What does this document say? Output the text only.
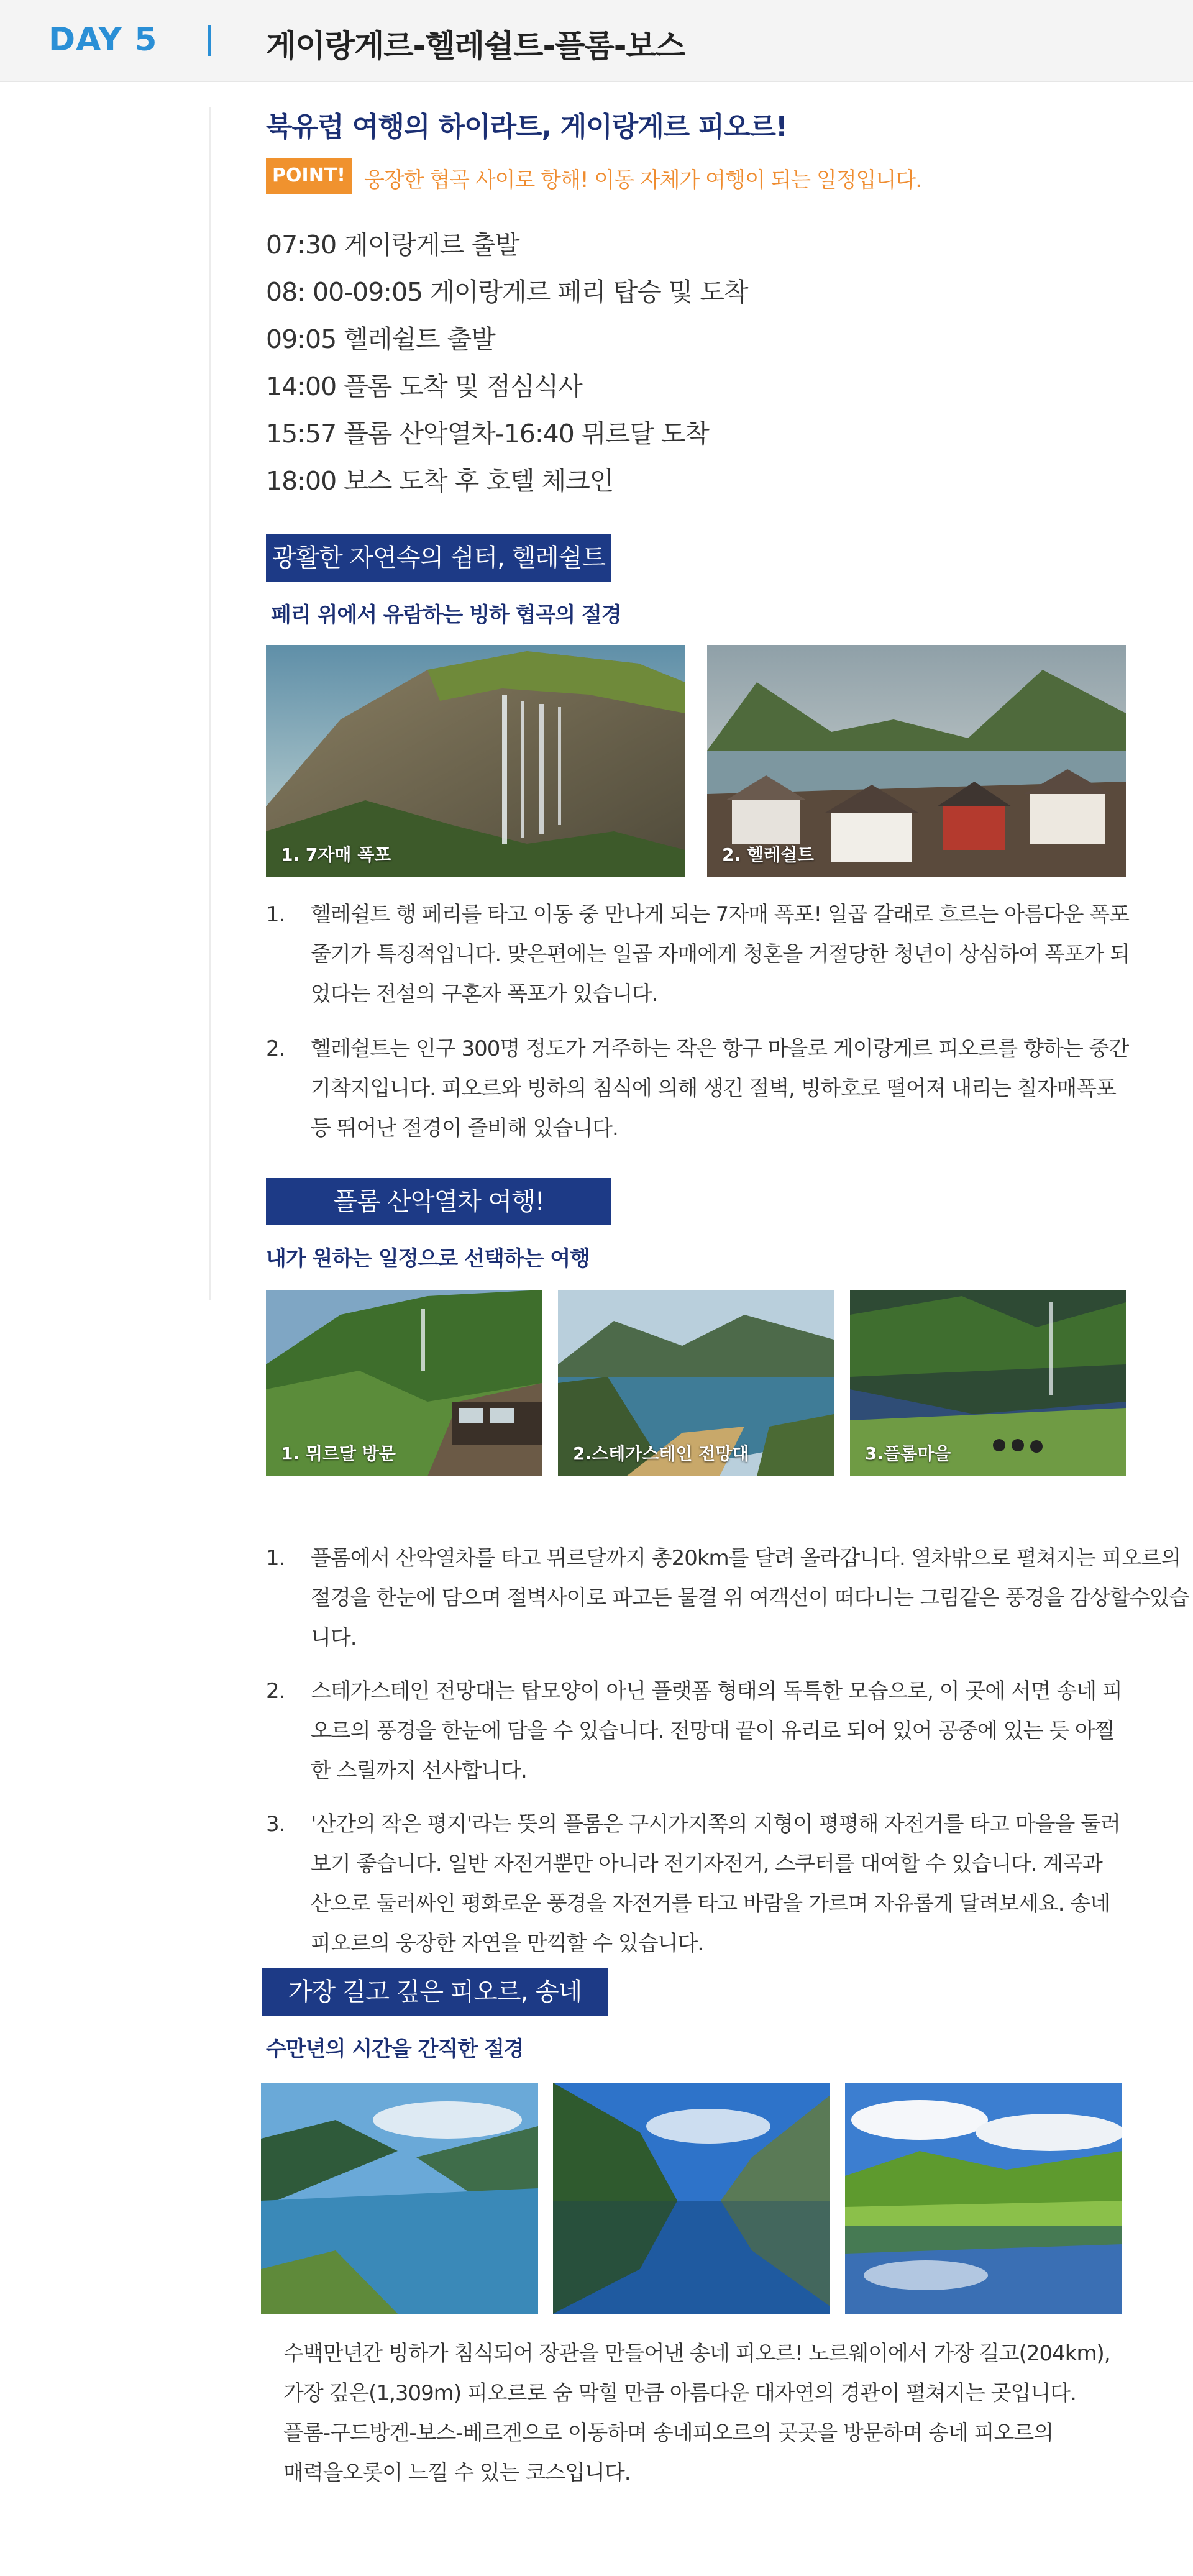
DAY 5	게이랑게르-헬레쉴트-플롬-보스
북유럽 여행의 하이라트, 게이랑게르 피오르!
POINT! 웅장한 협곡 사이로 항해! 이동 자체가 여행이 되는 일정입니다.
07:30 게이랑게르 출발
08: 00-09:05 게이랑게르 페리 탑승 및 도착
09:05 헬레쉴트 출발
14:00 플롬 도착 및 점심식사
15:57 플롬 산악열차-16:40 뮈르달 도착
18:00 보스 도착 후 호텔 체크인
광활한 자연속의 쉼터, 헬레쉴트
페리 위에서 유람하는 빙하 협곡의 절경
1. 7자매 폭포	2. 헬레쉴트
1. 헬레쉴트 행 페리를 타고 이동 중 만나게 되는 7자매 폭포! 일곱 갈래로 흐르는 아름다운 폭포 줄기가 특징적입니다. 맞은편에는 일곱 자매에게 청혼을 거절당한 청년이 상심하여 폭포가 되었다는 전설의 구혼자 폭포가 있습니다.
2. 헬레쉴트는 인구 300명 정도가 거주하는 작은 항구 마을로 게이랑게르 피오르를 향하는 중간 기착지입니다. 피오르와 빙하의 침식에 의해 생긴 절벽, 빙하호로 떨어져 내리는 칠자매폭포 등 뛰어난 절경이 즐비해 있습니다.
플롬 산악열차 여행!
내가 원하는 일정으로 선택하는 여행
1. 뮈르달 방문	2.스테가스테인 전망대	3.플롬마을
1. 플롬에서 산악열차를 타고 뮈르달까지 총20km를 달려 올라갑니다. 열차밖으로 펼쳐지는 피오르의 절경을 한눈에 담으며 절벽사이로 파고든 물결 위 여객선이 떠다니는 그림같은 풍경을 감상할수있습니다.
2. 스테가스테인 전망대는 탑모양이 아닌 플랫폼 형태의 독특한 모습으로, 이 곳에 서면 송네 피오르의 풍경을 한눈에 담을 수 있습니다. 전망대 끝이 유리로 되어 있어 공중에 있는 듯 아찔한 스릴까지 선사합니다.
3. '산간의 작은 평지'라는 뜻의 플롬은 구시가지쪽의 지형이 평평해 자전거를 타고 마을을 둘러보기 좋습니다. 일반 자전거뿐만 아니라 전기자전거, 스쿠터를 대여할 수 있습니다. 계곡과 산으로 둘러싸인 평화로운 풍경을 자전거를 타고 바람을 가르며 자유롭게 달려보세요. 송네 피오르의 웅장한 자연을 만끽할 수 있습니다.
가장 길고 깊은 피오르, 송네
수만년의 시간을 간직한 절경

수백만년간 빙하가 침식되어 장관을 만들어낸 송네 피오르! 노르웨이에서 가장 길고(204km),

가장 깊은(1,309m) 피오르로 숨 막힐 만큼 아름다운 대자연의 경관이 펼쳐지는 곳입니다.

플롬-구드방겐-보스-베르겐으로 이동하며 송네피오르의 곳곳을 방문하며 송네 피오르의

매력을오롯이 느낄 수 있는 코스입니다.
